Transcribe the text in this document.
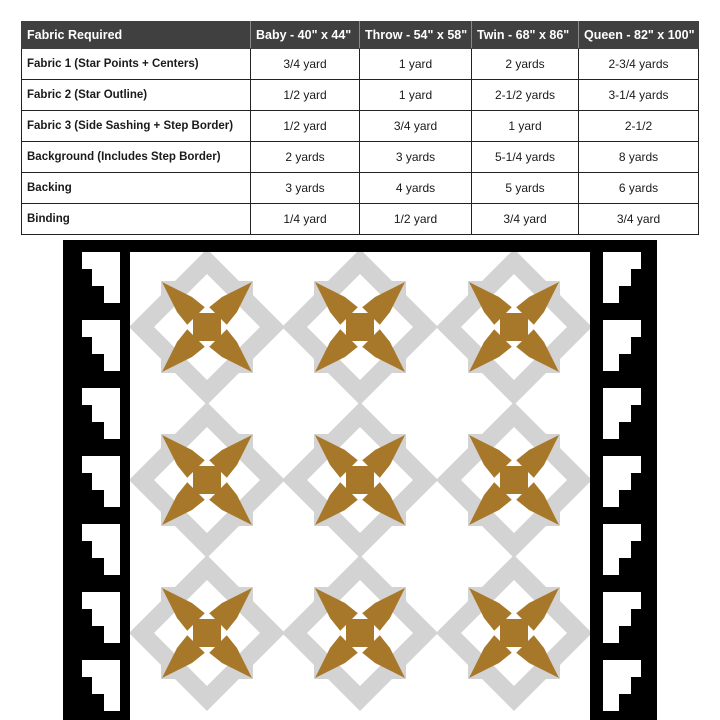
Fabric Required	Baby - 40" x 44"	Throw - 54" x 58"	Twin - 68" x 86"	Queen - 82" x 100"
Fabric 1 (Star Points + Centers)	3/4 yard	1 yard	2 yards	2-3/4 yards
Fabric 2 (Star Outline)	1/2 yard	1 yard	2-1/2 yards	3-1/4 yards
Fabric 3 (Side Sashing + Step Border)	1/2 yard	3/4 yard	1 yard	2-1/2
Background (Includes Step Border)	2 yards	3 yards	5-1/4 yards	8 yards
Backing	3 yards	4 yards	5 yards	6 yards
Binding	1/4 yard	1/2 yard	3/4 yard	3/4 yard
